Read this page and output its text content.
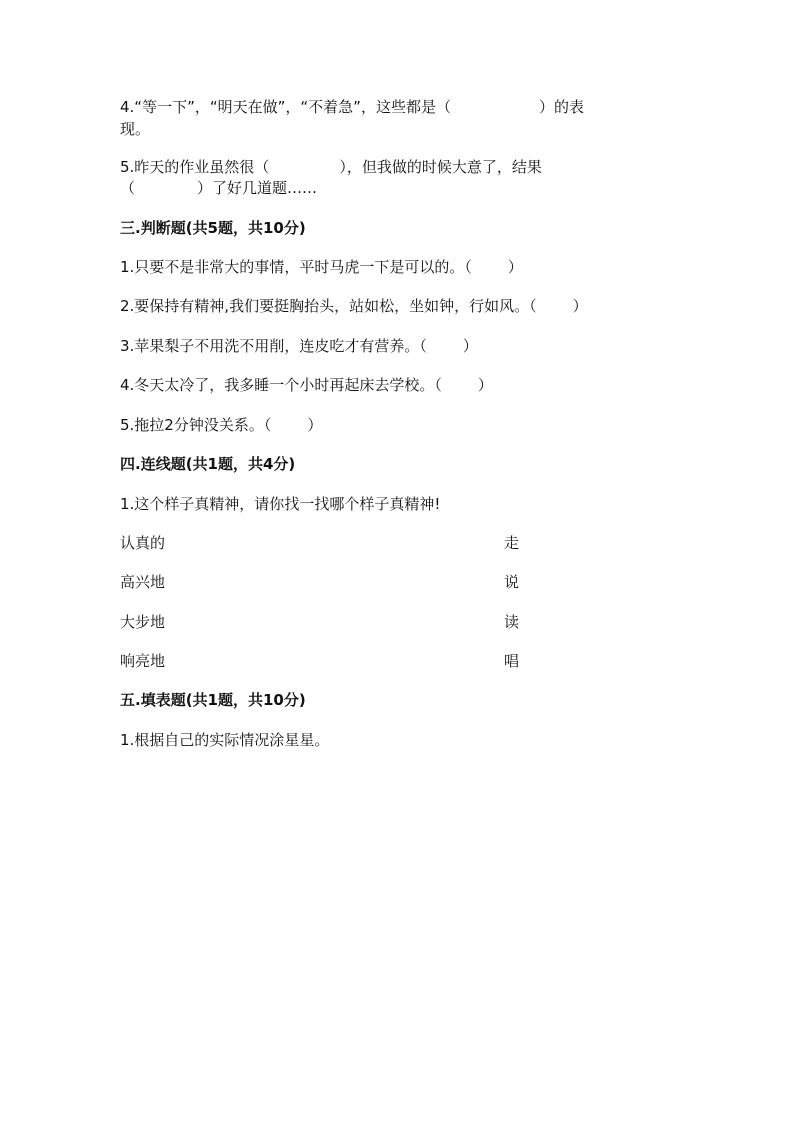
4.“等一下”，“明天在做”，“不着急”，这些都是（	）的表
现。
5.昨天的作业虽然很（	），但我做的时候大意了，结果
（	）了好几道题……
三.判断题(共5题，共10分)
1.只要不是非常大的事情，平时马虎一下是可以的。（ ）
2.要保持有精神,我们要挺胸抬头，站如松，坐如钟，行如风。（ ）
3.苹果梨子不用洗不用削，连皮吃才有营养。（ ）
4.冬天太冷了，我多睡一个小时再起床去学校。（ ）
5.拖拉2分钟没关系。（ ）
四.连线题(共1题，共4分)
1.这个样子真精神，请你找一找哪个样子真精神!
认真的	走
高兴地	说
大步地	读
响亮地	唱
五.填表题(共1题，共10分)
1.根据自己的实际情况涂星星。
